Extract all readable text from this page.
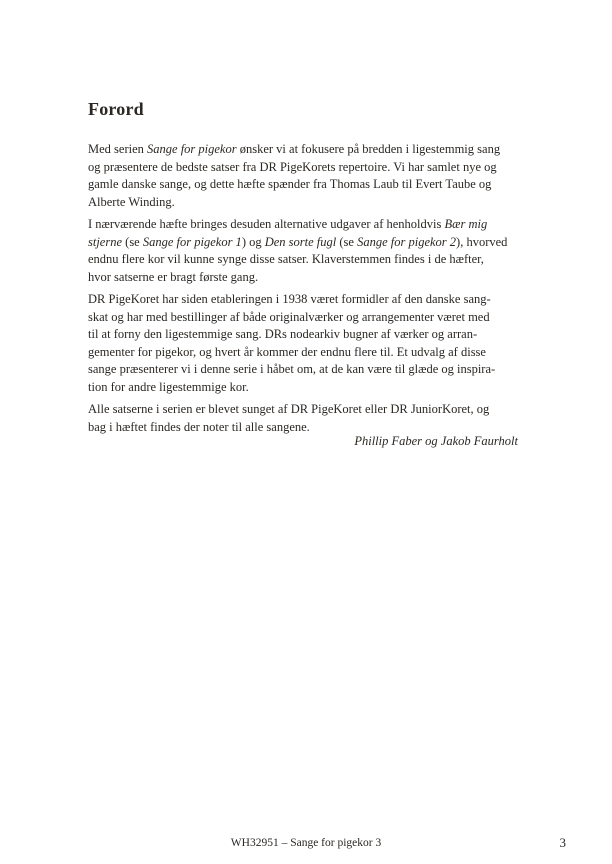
Forord
Med serien Sange for pigekor ønsker vi at fokusere på bredden i ligestemmig sang
og præsentere de bedste satser fra DR PigeKorets repertoire. Vi har samlet nye og
gamle danske sange, og dette hæfte spænder fra Thomas Laub til Evert Taube og
Alberte Winding.
I nærværende hæfte bringes desuden alternative udgaver af henholdvis Bær mig
stjerne (se Sange for pigekor 1) og Den sorte fugl (se Sange for pigekor 2), hvorved
endnu flere kor vil kunne synge disse satser. Klaverstemmen findes i de hæfter,
hvor satserne er bragt første gang.
DR PigeKoret har siden etableringen i 1938 været formidler af den danske sang-
skat og har med bestillinger af både originalværker og arrangementer været med
til at forny den ligestemmige sang. DRs nodearkiv bugner af værker og arran-
gementer for pigekor, og hvert år kommer der endnu flere til. Et udvalg af disse
sange præsenterer vi i denne serie i håbet om, at de kan være til glæde og inspira-
tion for andre ligestemmige kor.
Alle satserne i serien er blevet sunget af DR PigeKoret eller DR JuniorKoret, og
bag i hæftet findes der noter til alle sangene.
Phillip Faber og Jakob Faurholt
WH32951 – Sange for pigekor 3	3
